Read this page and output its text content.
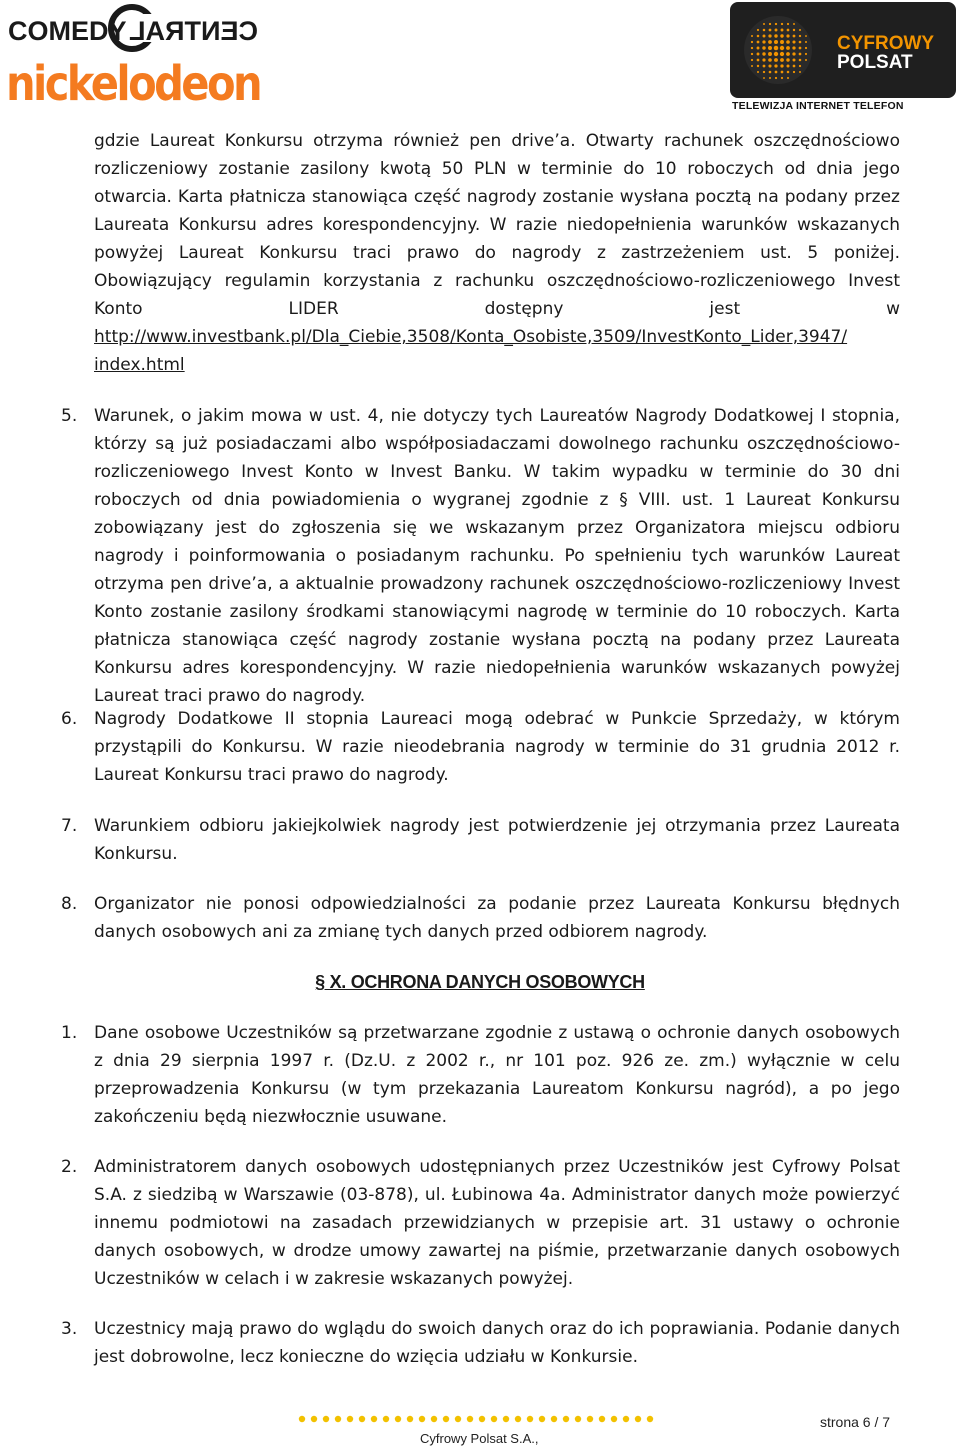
COMEDY CENTRAL
nickelodeon
CYFROWY
POLSAT
TELEWIZJA INTERNET TELEFON
gdzie Laureat Konkursu otrzyma również pen drive’a. Otwarty rachunek oszczędnościowo rozliczeniowy zostanie zasilony kwotą 50 PLN w terminie do 10 roboczych od dnia jego otwarcia. Karta płatnicza stanowiąca część nagrody zostanie wysłana pocztą na podany przez Laureata Konkursu adres korespondencyjny. W razie niedopełnienia warunków wskazanych powyżej Laureat Konkursu traci prawo do nagrody z zastrzeżeniem ust. 5 poniżej. Obowiązujący regulamin korzystania z rachunku oszczędnościowo-rozliczeniowego Invest Konto LIDER dostępny jest w http://www.investbank.pl/Dla_Ciebie,3508/Konta_Osobiste,3509/InvestKonto_Lider,3947/ index.html
5. Warunek, o jakim mowa w ust. 4, nie dotyczy tych Laureatów Nagrody Dodatkowej I stopnia, którzy są już posiadaczami albo współposiadaczami dowolnego rachunku oszczędnościowo-rozliczeniowego Invest Konto w Invest Banku. W takim wypadku w terminie do 30 dni roboczych od dnia powiadomienia o wygranej zgodnie z § VIII. ust. 1 Laureat Konkursu zobowiązany jest do zgłoszenia się we wskazanym przez Organizatora miejscu odbioru nagrody i poinformowania o posiadanym rachunku. Po spełnieniu tych warunków Laureat otrzyma pen drive’a, a aktualnie prowadzony rachunek oszczędnościowo-rozliczeniowy Invest Konto zostanie zasilony środkami stanowiącymi nagrodę w terminie do 10 roboczych. Karta płatnicza stanowiąca część nagrody zostanie wysłana pocztą na podany przez Laureata Konkursu adres korespondencyjny. W razie niedopełnienia warunków wskazanych powyżej Laureat traci prawo do nagrody.
6. Nagrody Dodatkowe II stopnia Laureaci mogą odebrać w Punkcie Sprzedaży, w którym przystąpili do Konkursu. W razie nieodebrania nagrody w terminie do 31 grudnia 2012 r. Laureat Konkursu traci prawo do nagrody.
7. Warunkiem odbioru jakiejkolwiek nagrody jest potwierdzenie jej otrzymania przez Laureata Konkursu.
8. Organizator nie ponosi odpowiedzialności za podanie przez Laureata Konkursu błędnych danych osobowych ani za zmianę tych danych przed odbiorem nagrody.
§ X. OCHRONA DANYCH OSOBOWYCH
1. Dane osobowe Uczestników są przetwarzane zgodnie z ustawą o ochronie danych osobowych z dnia 29 sierpnia 1997 r. (Dz.U. z 2002 r., nr 101 poz. 926 ze. zm.) wyłącznie w celu przeprowadzenia Konkursu (w tym przekazania Laureatom Konkursu nagród), a po jego zakończeniu będą niezwłocznie usuwane.
2. Administratorem danych osobowych udostępnianych przez Uczestników jest Cyfrowy Polsat S.A. z siedzibą w Warszawie (03-878), ul. Łubinowa 4a. Administrator danych może powierzyć innemu podmiotowi na zasadach przewidzianych w przepisie art. 31 ustawy o ochronie danych osobowych, w drodze umowy zawartej na piśmie, przetwarzanie danych osobowych Uczestników w celach i w zakresie wskazanych powyżej.
3. Uczestnicy mają prawo do wglądu do swoich danych oraz do ich poprawiania. Podanie danych jest dobrowolne, lecz konieczne do wzięcia udziału w Konkursie.
Cyfrowy Polsat S.A.,
strona 6 / 7
